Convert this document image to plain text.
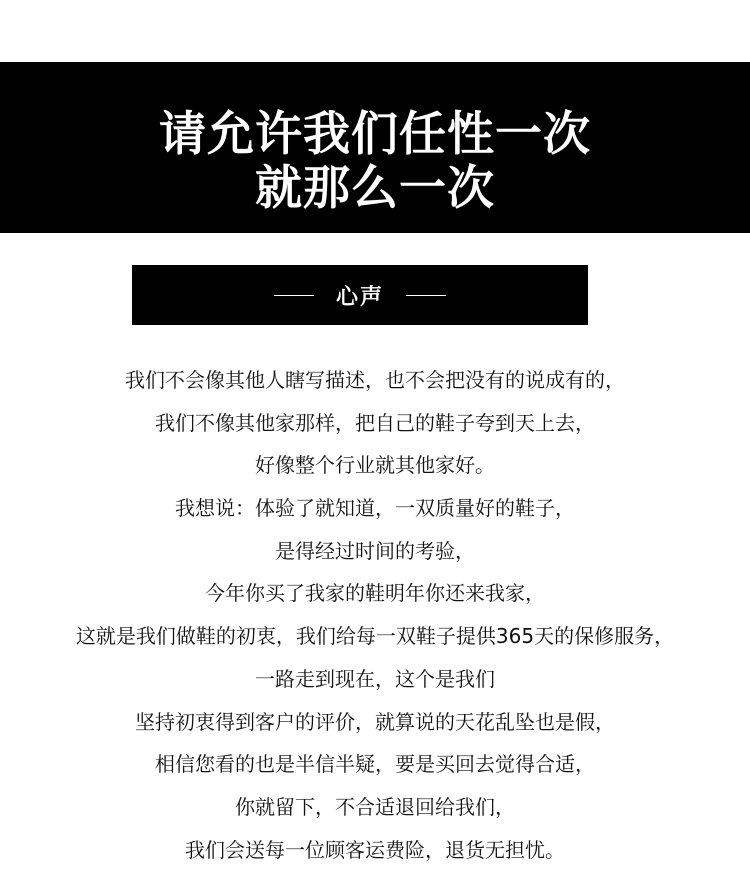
请允许我们任性一次
就那么一次
心声
我们不会像其他人瞎写描述，也不会把没有的说成有的，
我们不像其他家那样，把自己的鞋子夸到天上去，
好像整个行业就其他家好。
我想说：体验了就知道，一双质量好的鞋子，
是得经过时间的考验，
今年你买了我家的鞋明年你还来我家，
这就是我们做鞋的初衷，我们给每一双鞋子提供365天的保修服务，
一路走到现在，这个是我们
坚持初衷得到客户的评价，就算说的天花乱坠也是假，
相信您看的也是半信半疑，要是买回去觉得合适，
你就留下，不合适退回给我们，
我们会送每一位顾客运费险，退货无担忧。
